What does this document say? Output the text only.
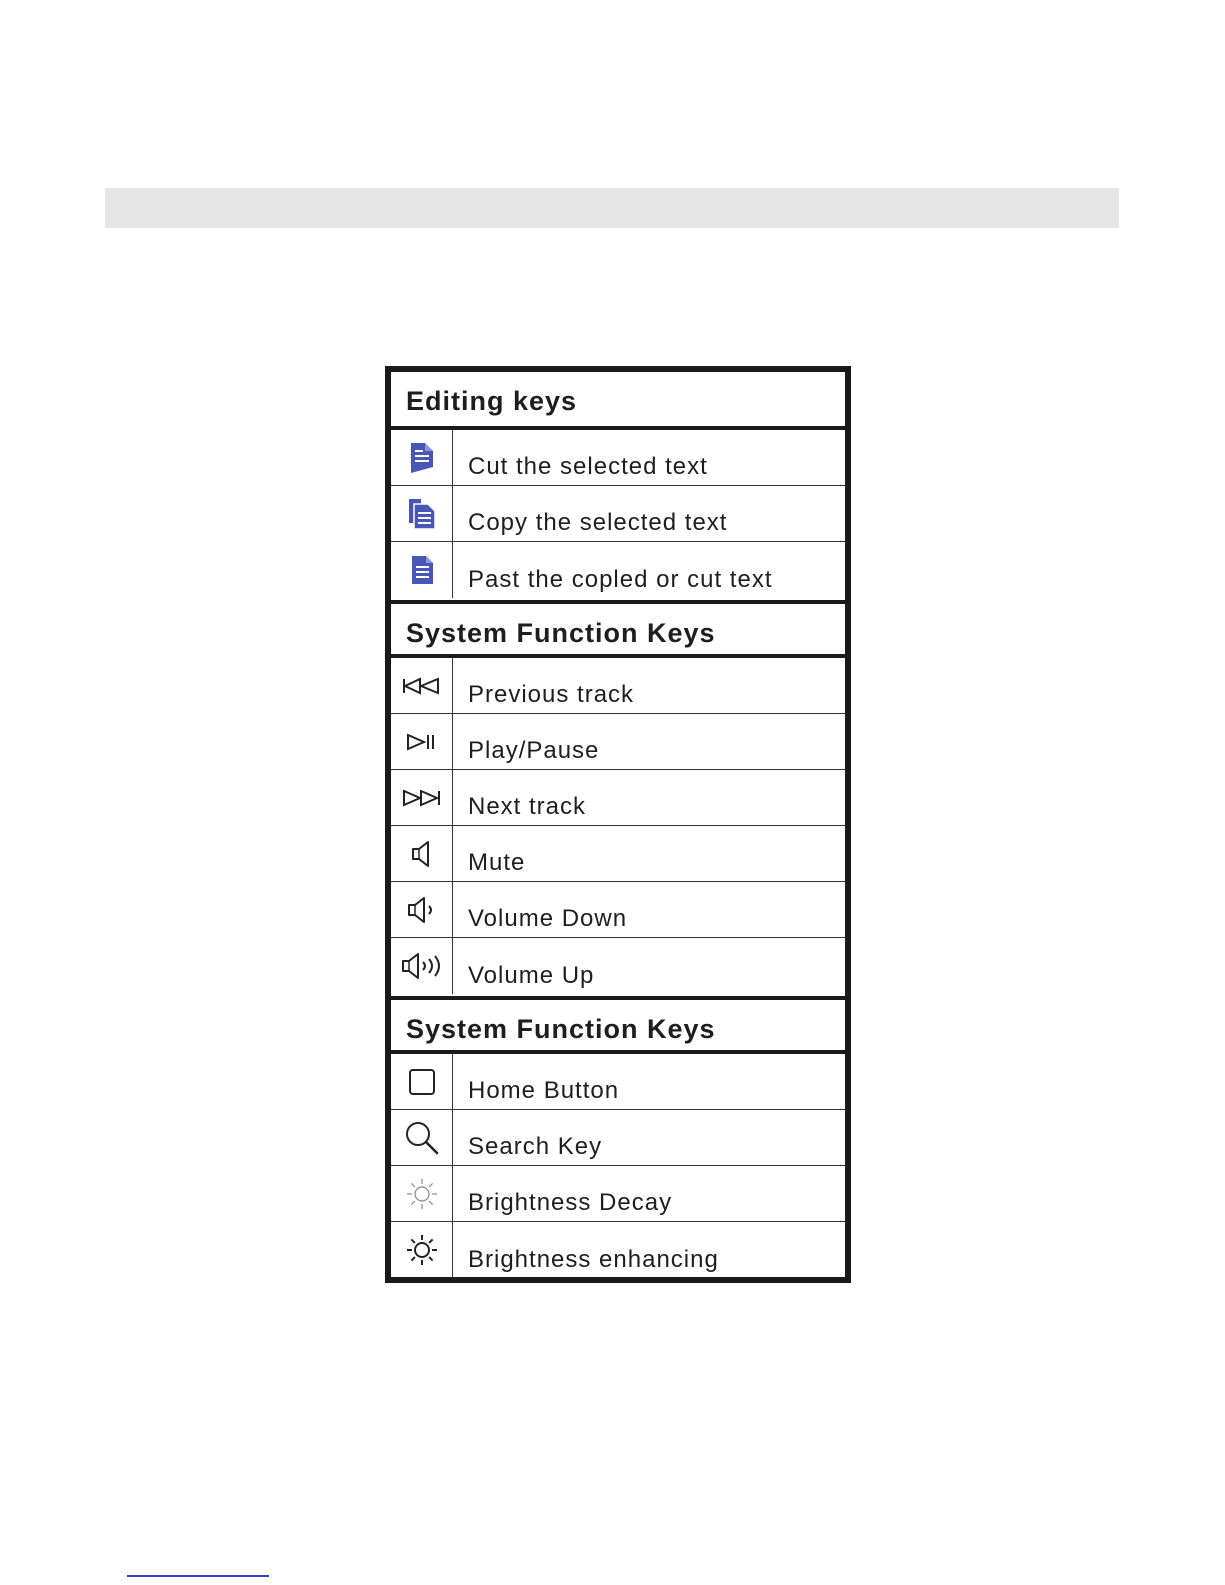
Editing keys
Cut the selected text
Copy the selected text
Past the copled or cut text
System Function Keys
Previous track
Play/Pause
Next track
Mute
Volume Down
Volume Up
System Function Keys
Home Button
Search Key
Brightness Decay
Brightness enhancing
